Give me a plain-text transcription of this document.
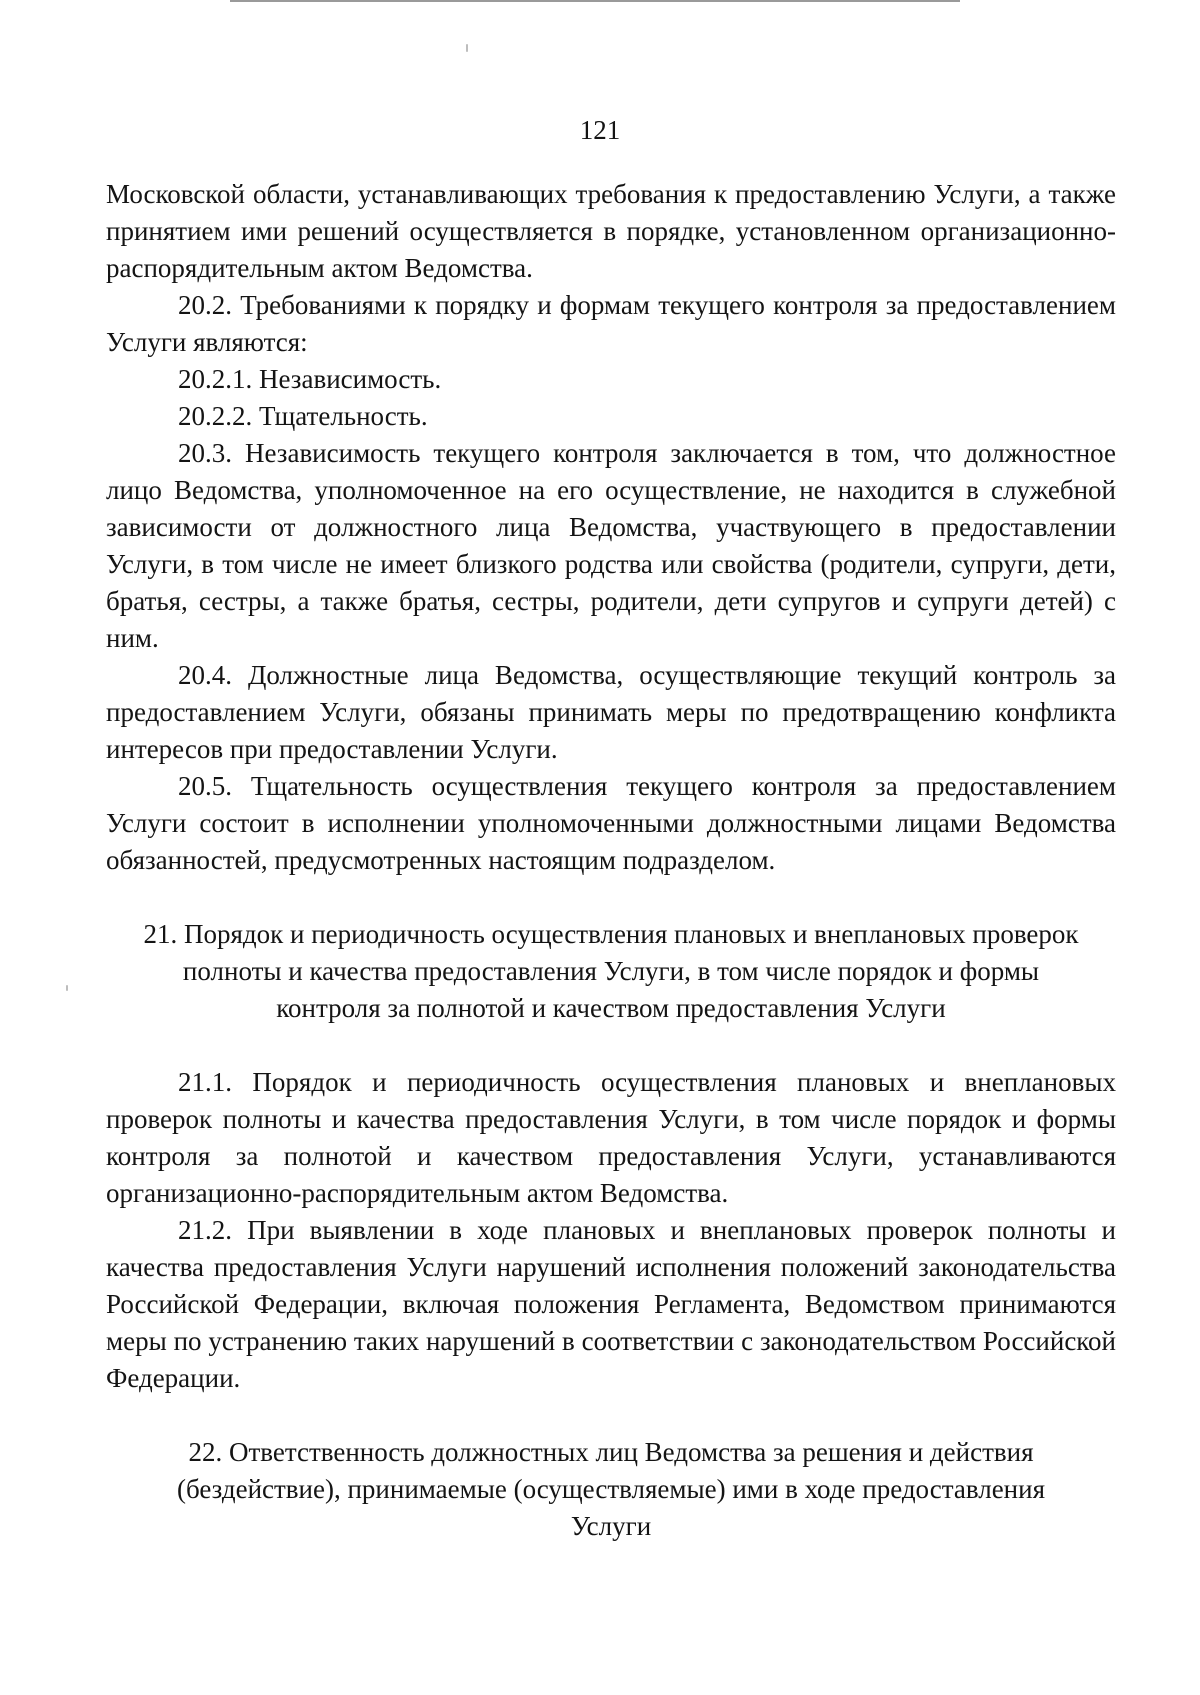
121

Московской области, устанавливающих требования к предоставлению Услуги, а также принятием ими решений осуществляется в порядке, установленном организационно-распорядительным актом Ведомства.

20.2. Требованиями к порядку и формам текущего контроля за предоставлением Услуги являются:

20.2.1. Независимость.

20.2.2. Тщательность.

20.3. Независимость текущего контроля заключается в том, что должностное лицо Ведомства, уполномоченное на его осуществление, не находится в служебной зависимости от должностного лица Ведомства, участвующего в предоставлении Услуги, в том числе не имеет близкого родства или свойства (родители, супруги, дети, братья, сестры, а также братья, сестры, родители, дети супругов и супруги детей) с ним.

20.4. Должностные лица Ведомства, осуществляющие текущий контроль за предоставлением Услуги, обязаны принимать меры по предотвращению конфликта интересов при предоставлении Услуги.

20.5. Тщательность осуществления текущего контроля за предоставлением Услуги состоит в исполнении уполномоченными должностными лицами Ведомства обязанностей, предусмотренных настоящим подразделом.

21. Порядок и периодичность осуществления плановых и внеплановых проверок полноты и качества предоставления Услуги, в том числе порядок и формы контроля за полнотой и качеством предоставления Услуги

21.1. Порядок и периодичность осуществления плановых и внеплановых проверок полноты и качества предоставления Услуги, в том числе порядок и формы контроля за полнотой и качеством предоставления Услуги, устанавливаются организационно-распорядительным актом Ведомства.

21.2. При выявлении в ходе плановых и внеплановых проверок полноты и качества предоставления Услуги нарушений исполнения положений законодательства Российской Федерации, включая положения Регламента, Ведомством принимаются меры по устранению таких нарушений в соответствии с законодательством Российской Федерации.

22. Ответственность должностных лиц Ведомства за решения и действия (бездействие), принимаемые (осуществляемые) ими в ходе предоставления Услуги
